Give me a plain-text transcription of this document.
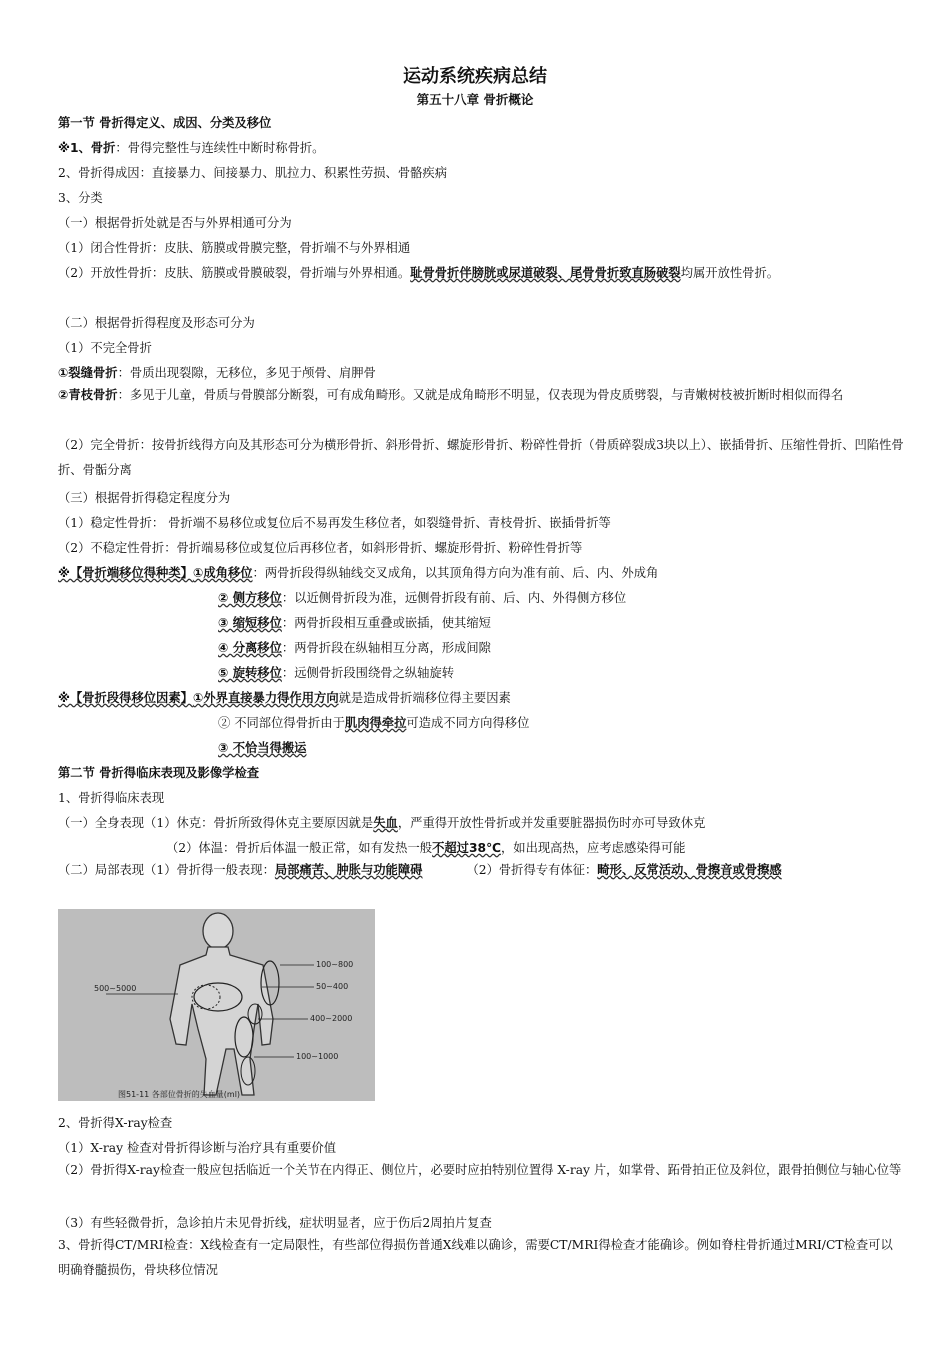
运动系统疾病总结
第五十八章 骨折概论
第一节 骨折得定义、成因、分类及移位
※1、骨折：骨得完整性与连续性中断时称骨折。
2、骨折得成因：直接暴力、间接暴力、肌拉力、积累性劳损、骨骼疾病
3、分类
（一）根据骨折处就是否与外界相通可分为
（1）闭合性骨折：皮肤、筋膜或骨膜完整，骨折端不与外界相通
（2）开放性骨折：皮肤、筋膜或骨膜破裂，骨折端与外界相通。耻骨骨折伴膀胱或尿道破裂、尾骨骨折致直肠破裂均属开放性骨折。
（二）根据骨折得程度及形态可分为
（1）不完全骨折
①裂缝骨折：骨质出现裂隙，无移位，多见于颅骨、肩胛骨
②青枝骨折：多见于儿童，骨质与骨膜部分断裂，可有成角畸形。又就是成角畸形不明显，仅表现为骨皮质劈裂，与青嫩树枝被折断时相似而得名
（2）完全骨折：按骨折线得方向及其形态可分为横形骨折、斜形骨折、螺旋形骨折、粉碎性骨折（骨质碎裂成3块以上）、嵌插骨折、压缩性骨折、凹陷性骨折、骨骺分离
（三）根据骨折得稳定程度分为
（1）稳定性骨折： 骨折端不易移位或复位后不易再发生移位者，如裂缝骨折、青枝骨折、嵌插骨折等
（2）不稳定性骨折：骨折端易移位或复位后再移位者，如斜形骨折、螺旋形骨折、粉碎性骨折等
※【骨折端移位得种类】①成角移位：两骨折段得纵轴线交叉成角，以其顶角得方向为准有前、后、内、外成角
② 侧方移位：以近侧骨折段为准，远侧骨折段有前、后、内、外得侧方移位
③ 缩短移位：两骨折段相互重叠或嵌插，使其缩短
④ 分离移位：两骨折段在纵轴相互分离，形成间隙
⑤ 旋转移位：远侧骨折段围绕骨之纵轴旋转
※【骨折段得移位因素】①外界直接暴力得作用方向就是造成骨折端移位得主要因素
② 不同部位得骨折由于肌肉得牵拉可造成不同方向得移位
③ 不恰当得搬运
第二节 骨折得临床表现及影像学检查
1、骨折得临床表现
（一）全身表现（1）休克：骨折所致得休克主要原因就是失血，严重得开放性骨折或并发重要脏器损伤时亦可导致休克
（2）体温：骨折后体温一般正常，如有发热一般不超过38℃，如出现高热，应考虑感染得可能
（二）局部表现（1）骨折得一般表现：局部痛苦、肿胀与功能障碍	（2）骨折得专有体征：畸形、反常活动、骨擦音或骨擦感
500~5000
100~800
50~400
400~2000
100~1000
图51-11 各部位骨折的失血量(ml)
2、骨折得X-ray检查
（1）X-ray 检查对骨折得诊断与治疗具有重要价值
（2）骨折得X-ray检查一般应包括临近一个关节在内得正、侧位片，必要时应拍特别位置得 X-ray 片，如掌骨、跖骨拍正位及斜位，跟骨拍侧位与轴心位等
（3）有些轻微骨折，急诊拍片未见骨折线，症状明显者，应于伤后2周拍片复查
3、骨折得CT/MRI检查：X线检查有一定局限性，有些部位得损伤普通X线难以确诊，需要CT/MRI得检查才能确诊。例如脊柱骨折通过MRI/CT检查可以明确脊髓损伤，骨块移位情况
